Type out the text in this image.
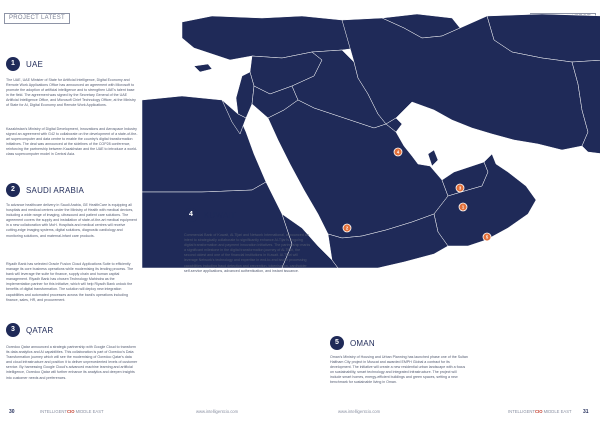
PROJECT LATEST
4
3
2
1
5
1	UAE
The UAE, UAE Minister of State for Artificial Intelligence, Digital Economy and Remote Work Applications Office has announced an agreement with Microsoft to promote the adoption of artificial intelligence and to strengthen UAE's talent base in the field. The agreement was signed by the Secretary General of the UAE Artificial Intelligence Office, and Microsoft Chief Technology Officer, at the Ministry of State for AI, Digital Economy and Remote Work Applications.
Kazakhstan's Ministry of Digital Development, Innovations and Aerospace Industry signed an agreement with G42 to collaborate on the development of a state-of-the-art supercomputer and data centre to enable the country's digital transformation initiatives. The deal was announced at the sidelines of the COP28 conference, reinforcing the partnership between Kazakhstan and the UAE to introduce a world-class supercomputer model in Central Asia.
2	SAUDI ARABIA
To advance healthcare delivery in Saudi Arabia, GE HealthCare is equipping all hospitals and medical centres under the Ministry of Health with medical devices, including a wide range of imaging, ultrasound and patient care solutions. The agreement covers the supply and installation of state-of-the-art medical equipment in a new collaboration with MoH. Hospitals and medical centres will receive cutting-edge imaging systems, digital solutions, diagnostic cardiology and monitoring solutions, and maternal-infant care products.
Riyadh Bank has selected Oracle Fusion Cloud Applications Suite to efficiently manage its core business operations while modernising its lending process. The bank will leverage the suite for finance, supply chain and human capital management. Riyadh Bank has chosen Technology Mahindra as the implementation partner for this initiative, which will help Riyadh Bank unlock the benefits of digital transformation. The solution will deploy new integration capabilities and automated processes across the bank's operations including finance, sales, HR, and procurement.
3	QATAR
Ooredoo Qatar announced a strategic partnership with Google Cloud to transform its data analytics and AI capabilities. This collaboration is part of Ooredoo's Data Transformation journey which will see the modernising of Ooredoo Qatar's data and cloud infrastructure and position it to deliver unprecedented levels of customer service. By harnessing Google Cloud's advanced machine learning and artificial intelligence, Ooredoo Qatar will further enhance its analytics and deepen insights into customer needs and preferences.
4	KUWAIT
Commercial Bank of Kuwait, Al-Tijari and Network International, announced an intent to strategically collaborate to significantly enhance Al-Tijari's ongoing digital transformation and payment innovation initiatives. The partnership marks a significant milestone in the digital transformation journey of Al-Tijari, the second oldest and one of the financial institutions in Kuwait. Al-Tijari will leverage Network's technology and expertise in end-to-end issuer processing capabilities including fraud detection and prevention, tokenisation, cardholder self-service applications, advanced authentication, and instant issuance.
5	OMAN
Oman's Ministry of Housing and Urban Planning has launched phase one of the Sultan Haitham City project in Muscat and awarded EMPH Global a contract for its development. The initiative will create a new residential urban landscape with a focus on sustainability, smart technology and integrated infrastructure. The project will include smart homes, energy-efficient buildings and green spaces, setting a new benchmark for sustainable living in Oman.
30	INTELLIGENTCIO MIDDLE EAST	www.intelligentcio.com	www.intelligentcio.com	INTELLIGENTCIO MIDDLE EAST 31
